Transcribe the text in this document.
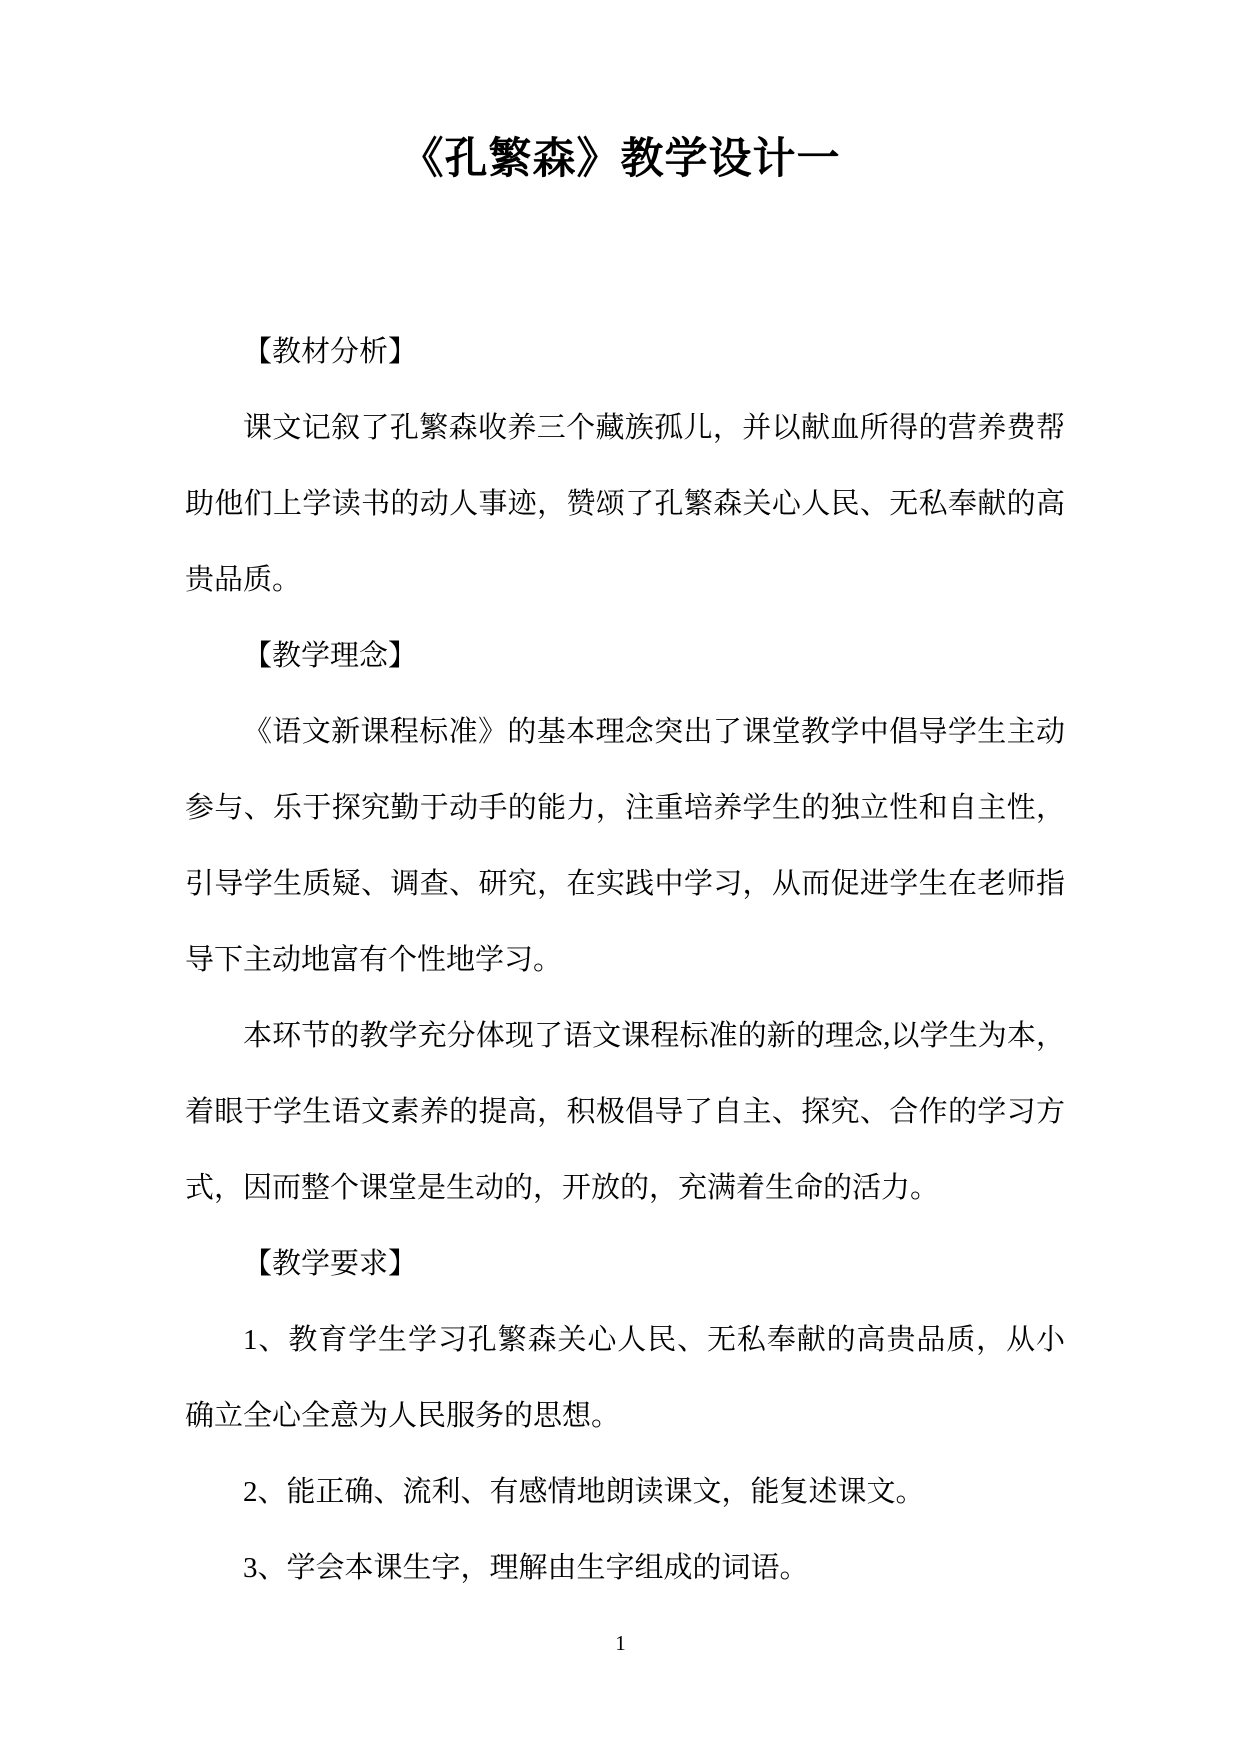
《孔繁森》教学设计一

【教材分析】

课文记叙了孔繁森收养三个藏族孤儿，并以献血所得的营养费帮助他们上学读书的动人事迹，赞颂了孔繁森关心人民、无私奉献的高贵品质。

【教学理念】

《语文新课程标准》的基本理念突出了课堂教学中倡导学生主动参与、乐于探究勤于动手的能力，注重培养学生的独立性和自主性，引导学生质疑、调查、研究，在实践中学习，从而促进学生在老师指导下主动地富有个性地学习。

本环节的教学充分体现了语文课程标准的新的理念,以学生为本，着眼于学生语文素养的提高，积极倡导了自主、探究、合作的学习方式，因而整个课堂是生动的，开放的，充满着生命的活力。

【教学要求】

1、教育学生学习孔繁森关心人民、无私奉献的高贵品质，从小确立全心全意为人民服务的思想。

2、能正确、流利、有感情地朗读课文，能复述课文。

3、学会本课生字，理解由生字组成的词语。

1
